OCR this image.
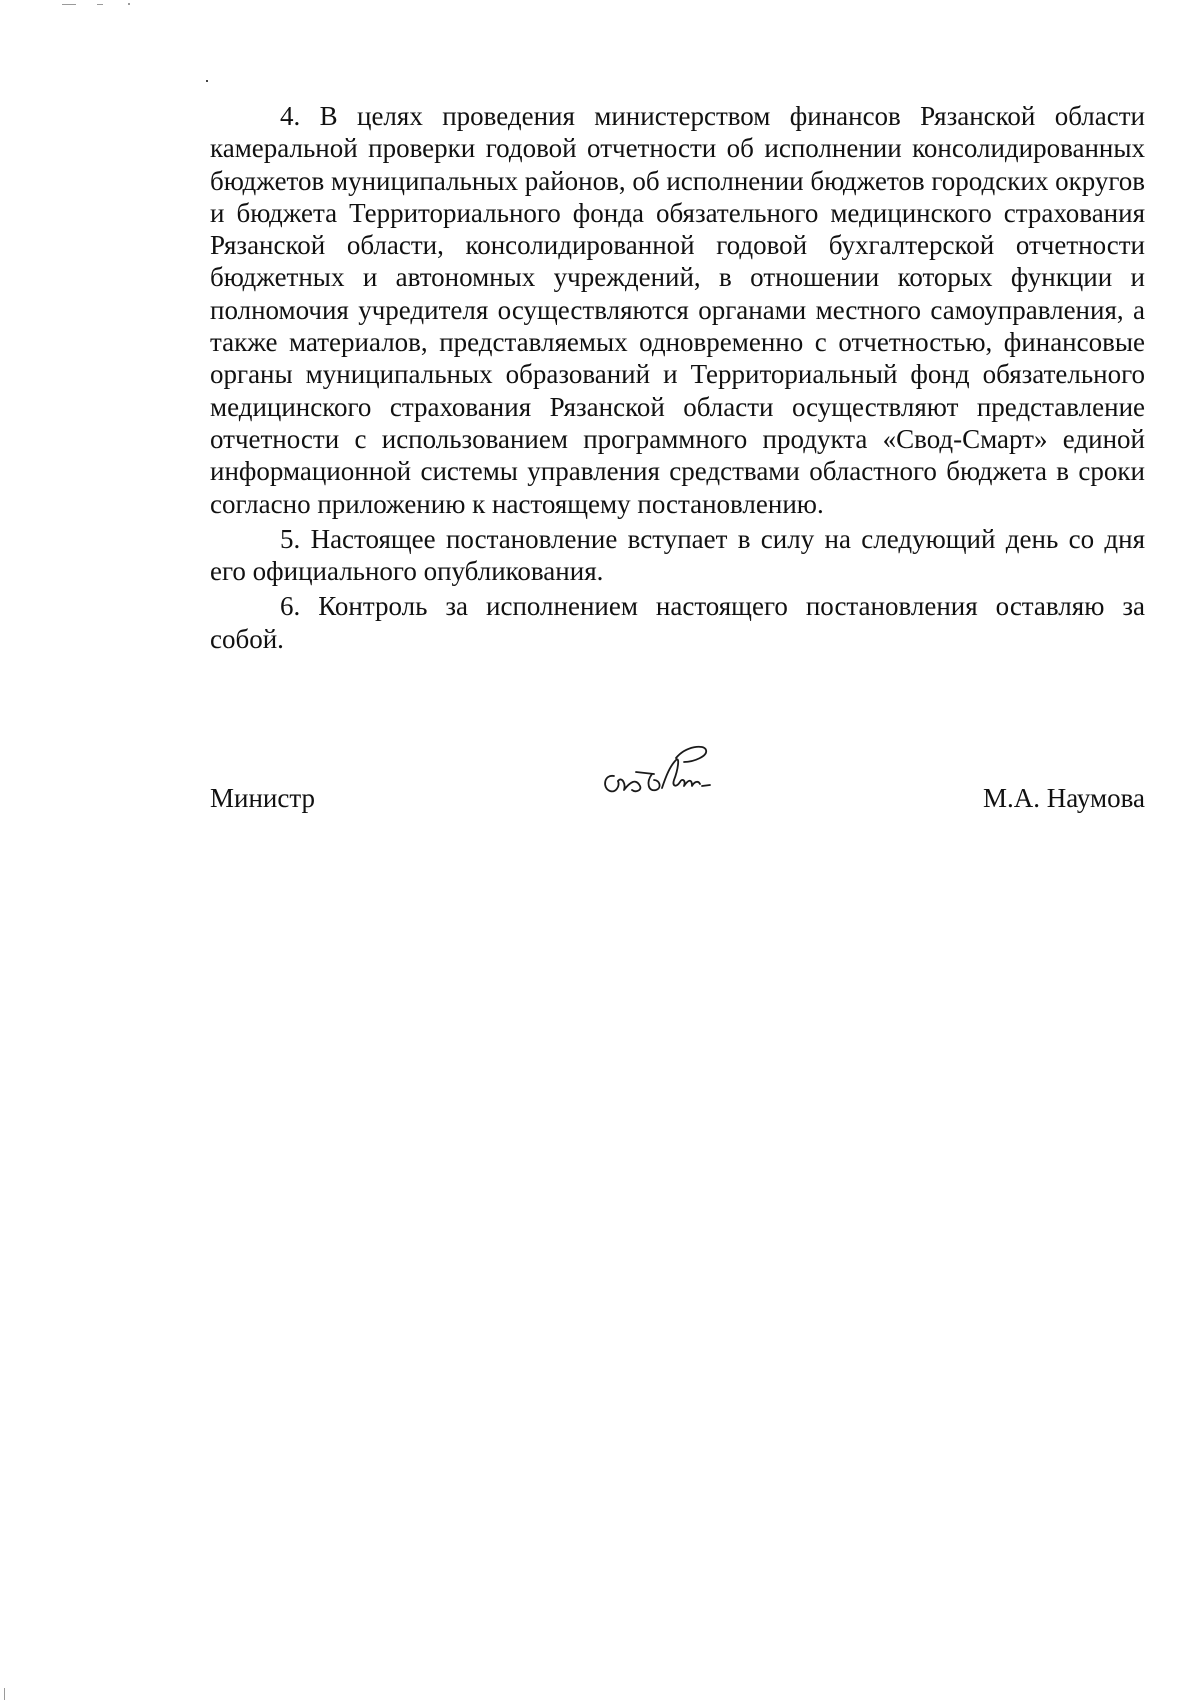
4. В целях проведения министерством финансов Рязанской области камеральной проверки годовой отчетности об исполнении консолидированных бюджетов муниципальных районов, об исполнении бюджетов городских округов и бюджета Территориального фонда обязательного медицинского страхования Рязанской области, консолидированной годовой бухгалтерской отчетности бюджетных и автономных учреждений, в отношении которых функции и полномочия учредителя осуществляются органами местного самоуправления, а также материалов, представляемых одновременно с отчетностью, финансовые органы муниципальных образований и Территориальный фонд обязательного медицинского страхования Рязанской области осуществляют представление отчетности с использованием программного продукта «Свод-Смарт» единой информационной системы управления средствами областного бюджета в сроки согласно приложению к настоящему постановлению.

5. Настоящее постановление вступает в силу на следующий день со дня его официального опубликования.

6. Контроль за исполнением настоящего постановления оставляю за собой.

Министр	М.А. Наумова
